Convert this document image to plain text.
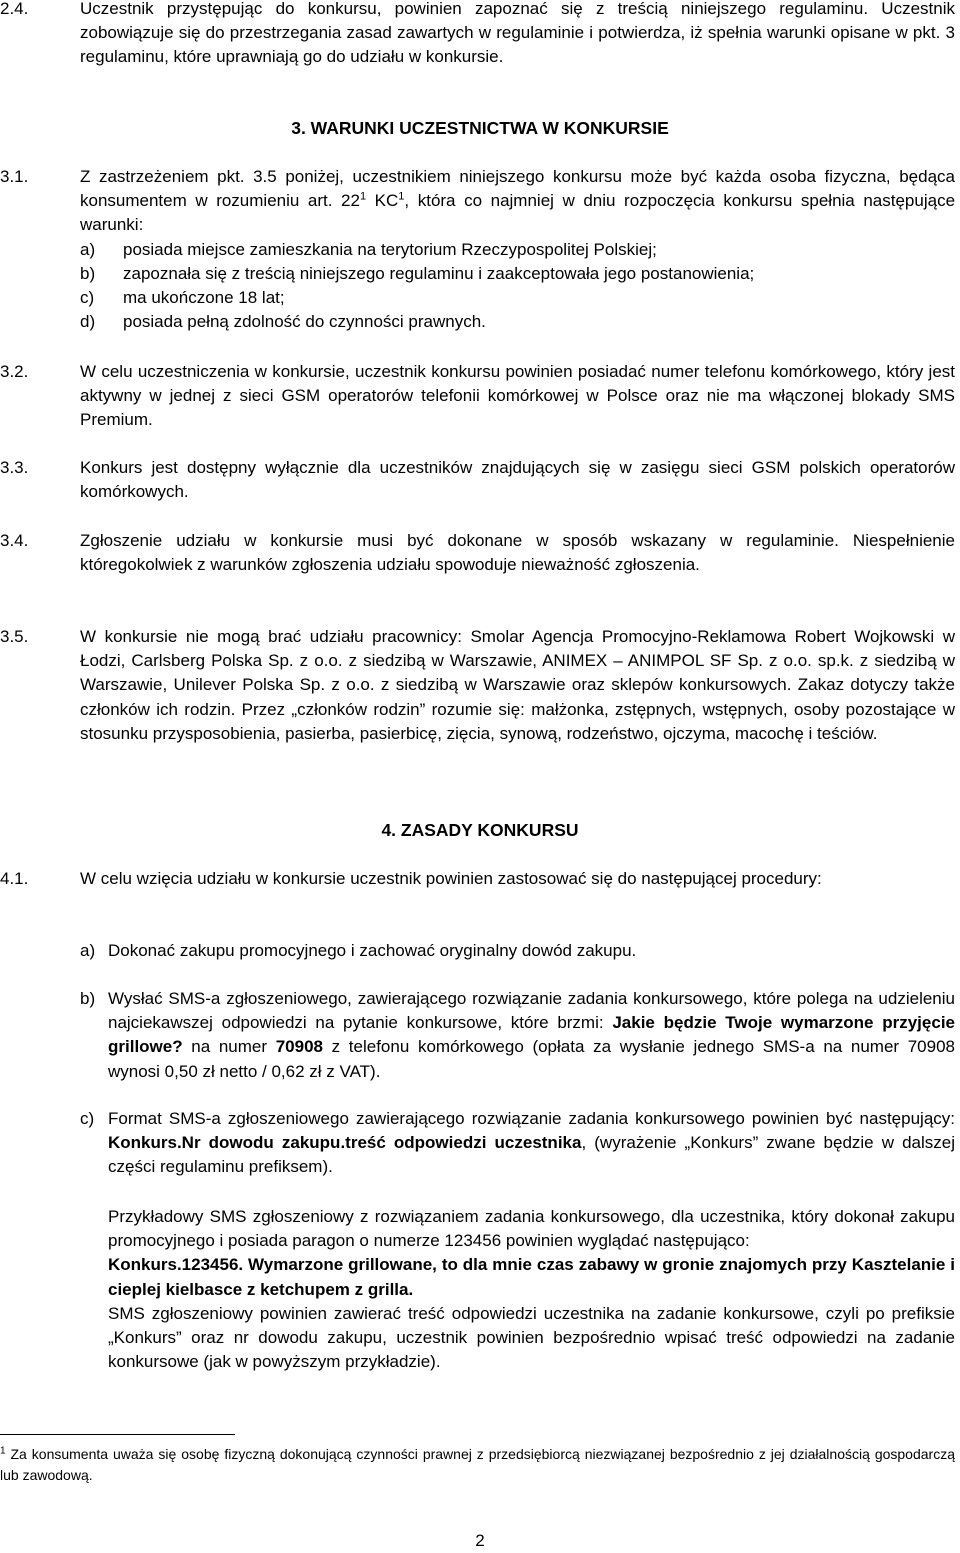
2.4.	Uczestnik przystępując do konkursu, powinien zapoznać się z treścią niniejszego regulaminu. Uczestnik zobowiązuje się do przestrzegania zasad zawartych w regulaminie i potwierdza, iż spełnia warunki opisane w pkt. 3 regulaminu, które uprawniają go do udziału w konkursie.
3. WARUNKI UCZESTNICTWA W KONKURSIE
3.1.	Z zastrzeżeniem pkt. 3.5 poniżej, uczestnikiem niniejszego konkursu może być każda osoba fizyczna, będąca konsumentem w rozumieniu art. $22^1$ $KC^1$, która co najmniej w dniu rozpoczęcia konkursu spełnia następujące warunki:
a) posiada miejsce zamieszkania na terytorium Rzeczypospolitej Polskiej;
b) zapoznała się z treścią niniejszego regulaminu i zaakceptowała jego postanowienia;
c) ma ukończone 18 lat;
d) posiada pełną zdolność do czynności prawnych.
3.2.	W celu uczestniczenia w konkursie, uczestnik konkursu powinien posiadać numer telefonu komórkowego, który jest aktywny w jednej z sieci GSM operatorów telefonii komórkowej w Polsce oraz nie ma włączonej blokady SMS Premium.
3.3.	Konkurs jest dostępny wyłącznie dla uczestników znajdujących się w zasięgu sieci GSM polskich operatorów komórkowych.
3.4.	Zgłoszenie udziału w konkursie musi być dokonane w sposób wskazany w regulaminie. Niespełnienie któregokolwiek z warunków zgłoszenia udziału spowoduje nieważność zgłoszenia.
3.5.	W konkursie nie mogą brać udziału pracownicy: Smolar Agencja Promocyjno-Reklamowa Robert Wojkowski w Łodzi, Carlsberg Polska Sp. z o.o. z siedzibą w Warszawie, ANIMEX – ANIMPOL SF Sp. z o.o. sp.k. z siedzibą w Warszawie, Unilever Polska Sp. z o.o. z siedzibą w Warszawie oraz sklepów konkursowych. Zakaz dotyczy także członków ich rodzin. Przez „członków rodzin” rozumie się: małżonka, zstępnych, wstępnych, osoby pozostające w stosunku przysposobienia, pasierba, pasierbicę, zięcia, synową, rodzeństwo, ojczyma, macochę i teściów.
4. ZASADY KONKURSU
4.1.	W celu wzięcia udziału w konkursie uczestnik powinien zastosować się do następującej procedury:
a) Dokonać zakupu promocyjnego i zachować oryginalny dowód zakupu.
b) Wysłać SMS-a zgłoszeniowego, zawierającego rozwiązanie zadania konkursowego, które polega na udzieleniu najciekawszej odpowiedzi na pytanie konkursowe, które brzmi: Jakie będzie Twoje wymarzone przyjęcie grillowe? na numer 70908 z telefonu komórkowego (opłata za wysłanie jednego SMS-a na numer 70908 wynosi 0,50 zł netto / 0,62 zł z VAT).
c) Format SMS-a zgłoszeniowego zawierającego rozwiązanie zadania konkursowego powinien być następujący: Konkurs.Nr dowodu zakupu.treść odpowiedzi uczestnika, (wyrażenie „Konkurs” zwane będzie w dalszej części regulaminu prefiksem).
Przykładowy SMS zgłoszeniowy z rozwiązaniem zadania konkursowego, dla uczestnika, który dokonał zakupu promocyjnego i posiada paragon o numerze 123456 powinien wyglądać następująco:
Konkurs.123456. Wymarzone grillowane, to dla mnie czas zabawy w gronie znajomych przy Kasztelanie i cieplej kielbasce z ketchupem z grilla.
SMS zgłoszeniowy powinien zawierać treść odpowiedzi uczestnika na zadanie konkursowe, czyli po prefiksie „Konkurs” oraz nr dowodu zakupu, uczestnik powinien bezpośrednio wpisać treść odpowiedzi na zadanie konkursowe (jak w powyższym przykładzie).
$^1$ Za konsumenta uważa się osobę fizyczną dokonującą czynności prawnej z przedsiębiorcą niezwiązanej bezpośrednio z jej działalnością gospodarczą lub zawodową.
2
